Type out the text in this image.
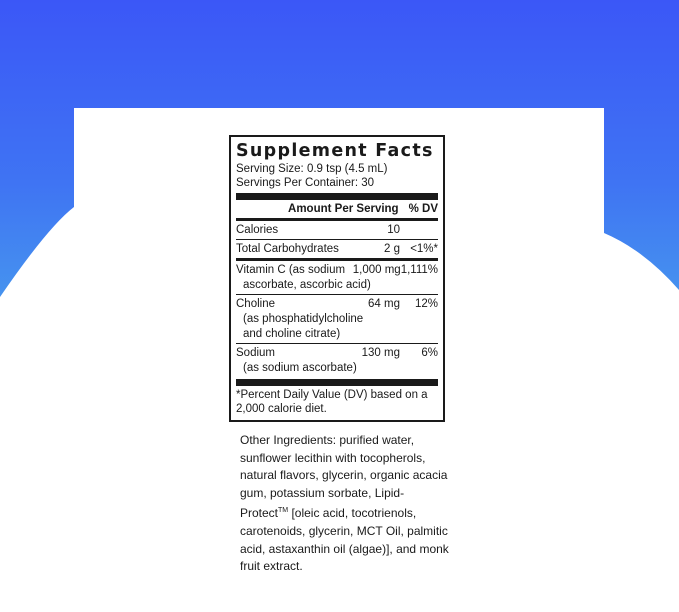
Supplement Facts
Serving Size: 0.9 tsp (4.5 mL)
Servings Per Container: 30
Amount Per Serving % DV
Calories	10
Total Carbohydrates	2 g <1%*
Vitamin C (as sodium 1,000 mg 1,111%
ascorbate, ascorbic acid)
Choline	64 mg	12%
(as phosphatidylcholine
and choline citrate)
Sodium	130 mg	6%
(as sodium ascorbate)
*Percent Daily Value (DV) based on a 2,000 calorie diet.
Other Ingredients: purified water, sunflower lecithin with tocopherols, natural flavors, glycerin, organic acacia gum, potassium sorbate, Lipid-Protect™ [oleic acid, tocotrienols, carotenoids, glycerin, MCT Oil, palmitic acid, astaxanthin oil (algae)], and monk fruit extract.
